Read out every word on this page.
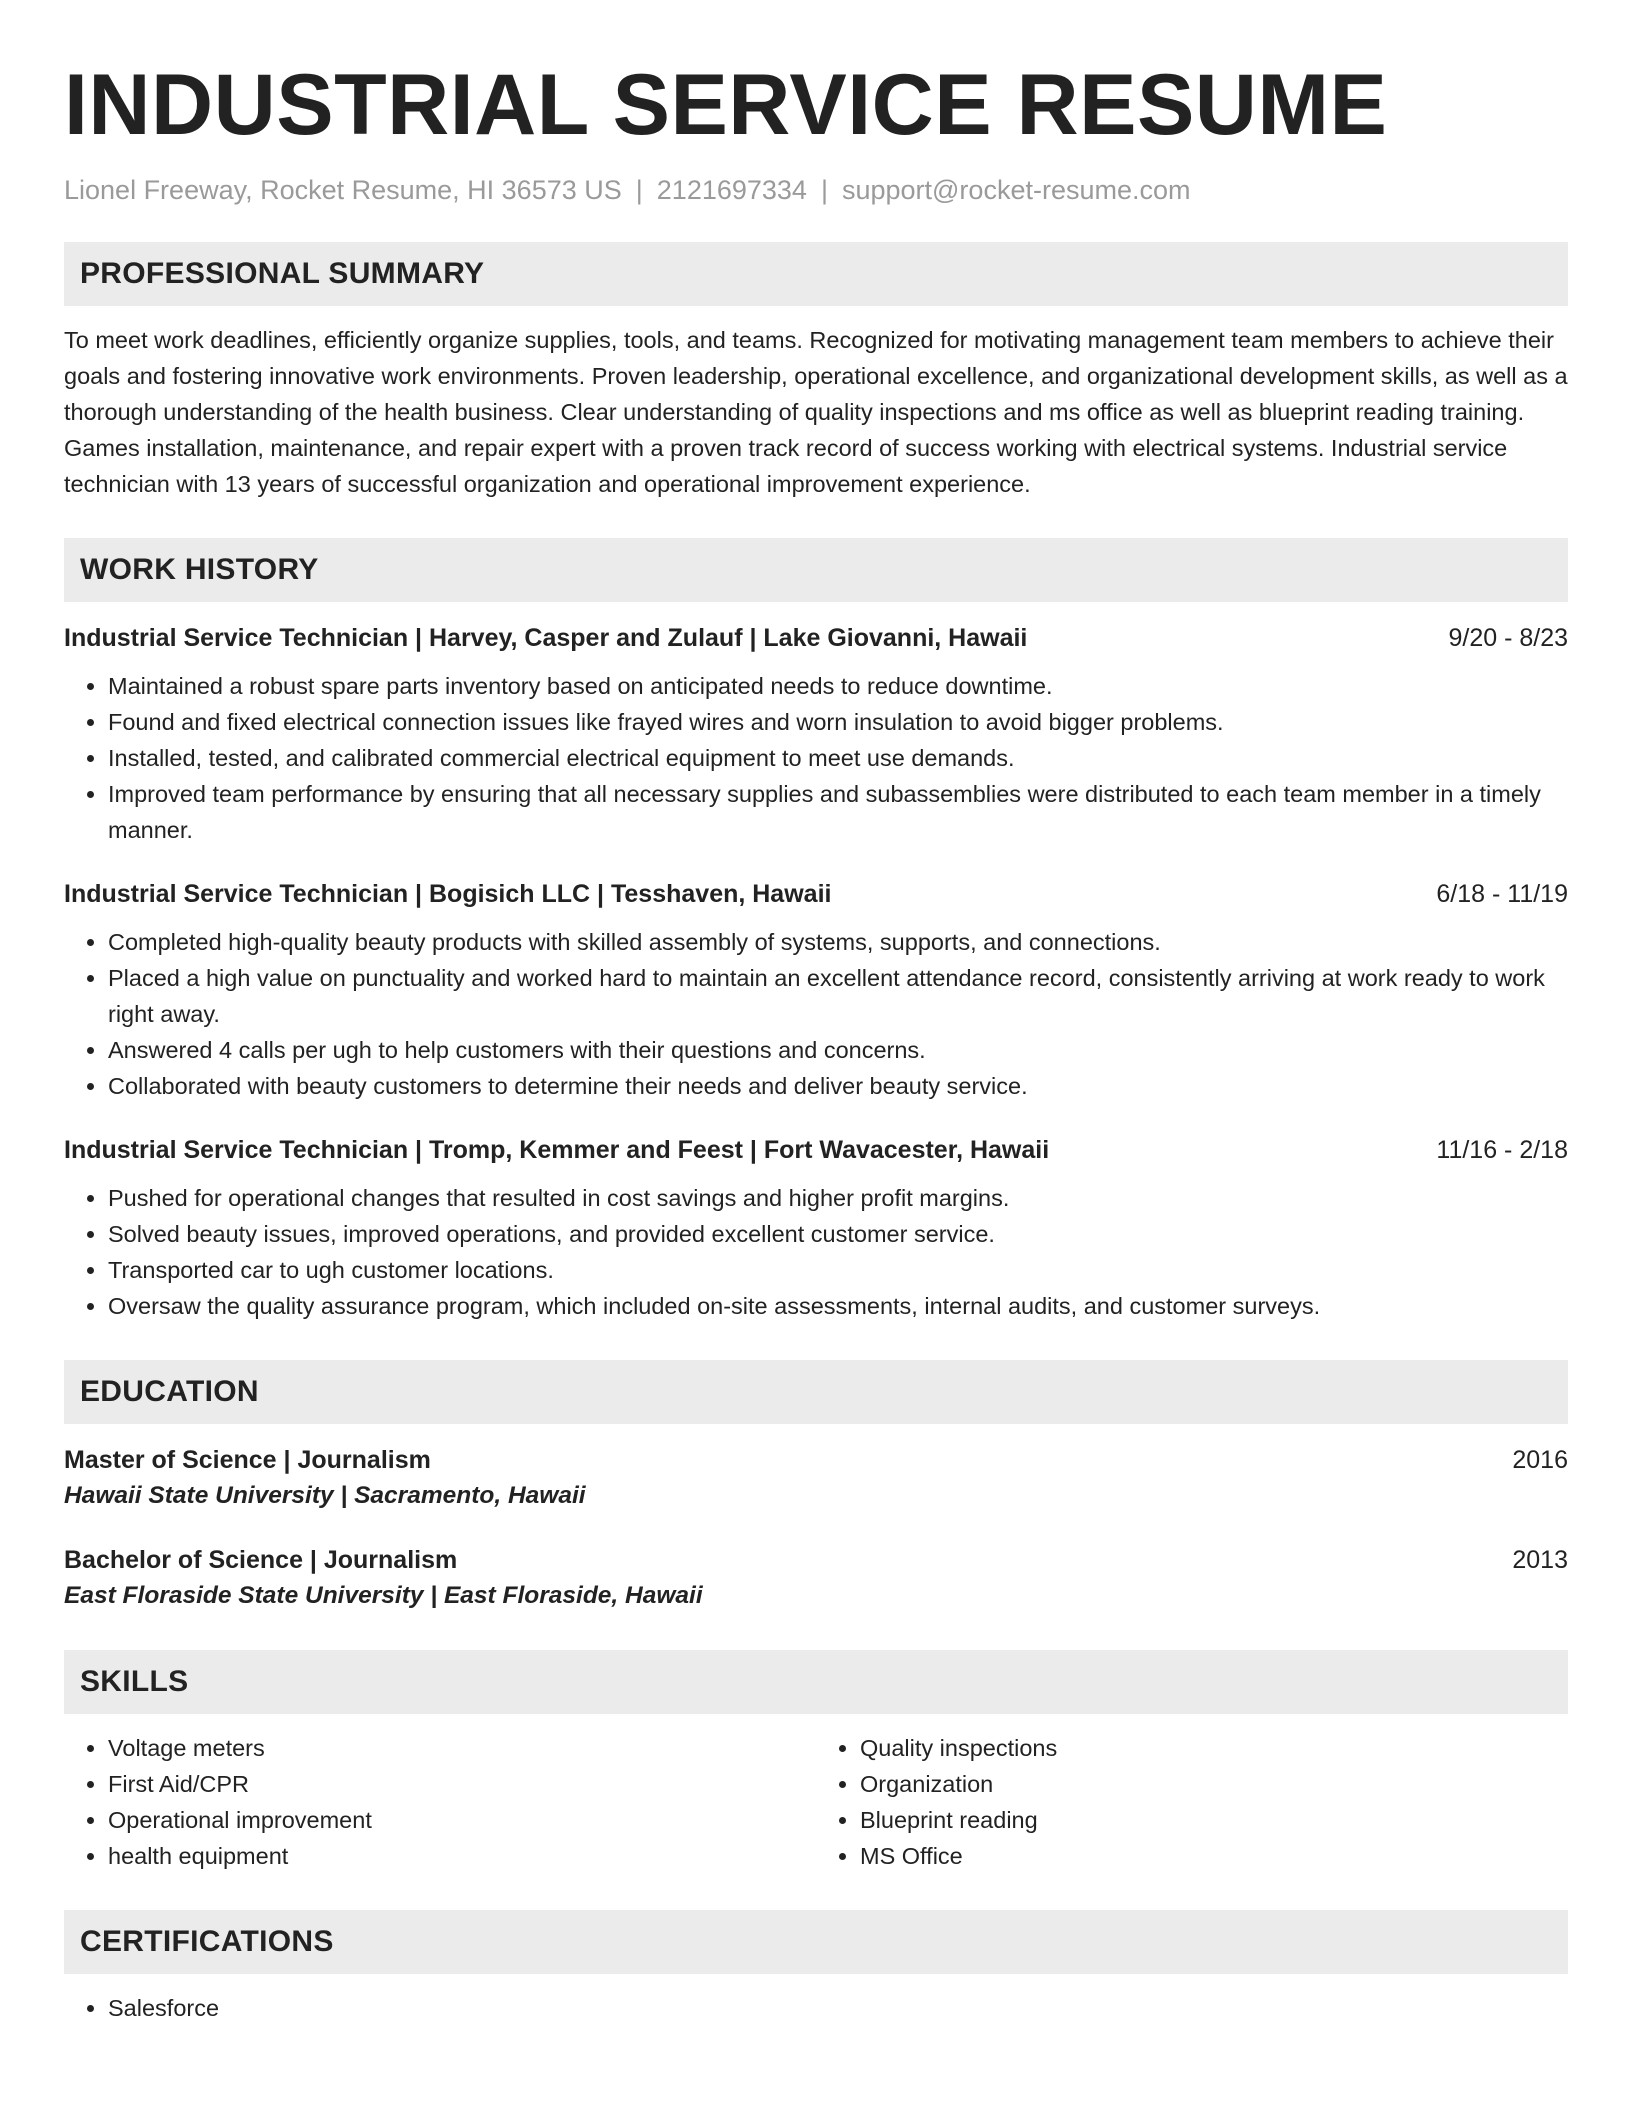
INDUSTRIAL SERVICE RESUME
Lionel Freeway, Rocket Resume, HI 36573 US | 2121697334 | support@rocket-resume.com
PROFESSIONAL SUMMARY
To meet work deadlines, efficiently organize supplies, tools, and teams. Recognized for motivating management team members to achieve their goals and fostering innovative work environments. Proven leadership, operational excellence, and organizational development skills, as well as a thorough understanding of the health business. Clear understanding of quality inspections and ms office as well as blueprint reading training. Games installation, maintenance, and repair expert with a proven track record of success working with electrical systems. Industrial service technician with 13 years of successful organization and operational improvement experience.
WORK HISTORY
Industrial Service Technician | Harvey, Casper and Zulauf | Lake Giovanni, Hawaii	9/20 - 8/23
• Maintained a robust spare parts inventory based on anticipated needs to reduce downtime.
• Found and fixed electrical connection issues like frayed wires and worn insulation to avoid bigger problems.
• Installed, tested, and calibrated commercial electrical equipment to meet use demands.
• Improved team performance by ensuring that all necessary supplies and subassemblies were distributed to each team member in a timely manner.
Industrial Service Technician | Bogisich LLC | Tesshaven, Hawaii	6/18 - 11/19
• Completed high-quality beauty products with skilled assembly of systems, supports, and connections.
• Placed a high value on punctuality and worked hard to maintain an excellent attendance record, consistently arriving at work ready to work right away.
• Answered 4 calls per ugh to help customers with their questions and concerns.
• Collaborated with beauty customers to determine their needs and deliver beauty service.
Industrial Service Technician | Tromp, Kemmer and Feest | Fort Wavacester, Hawaii	11/16 - 2/18
• Pushed for operational changes that resulted in cost savings and higher profit margins.
• Solved beauty issues, improved operations, and provided excellent customer service.
• Transported car to ugh customer locations.
• Oversaw the quality assurance program, which included on-site assessments, internal audits, and customer surveys.
EDUCATION
Master of Science | Journalism	2016
Hawaii State University | Sacramento, Hawaii
Bachelor of Science | Journalism	2013
East Floraside State University | East Floraside, Hawaii
SKILLS
• Voltage meters
• First Aid/CPR
• Operational improvement
• health equipment
• Quality inspections
• Organization
• Blueprint reading
• MS Office
CERTIFICATIONS
• Salesforce
